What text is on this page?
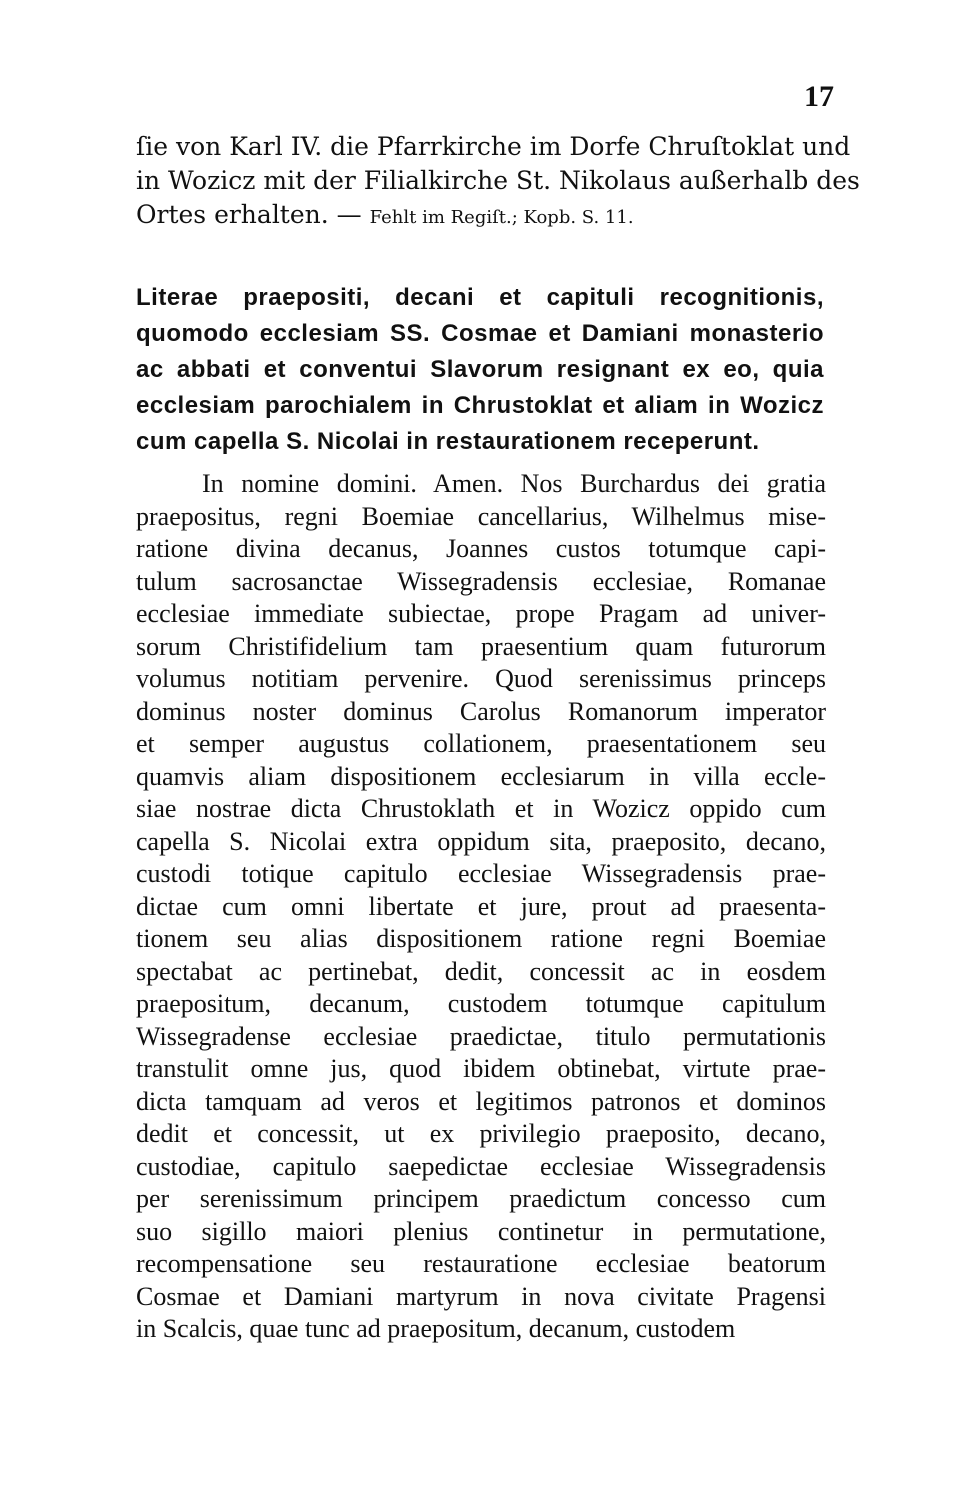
17
ſie von Karl IV. die Pfarrkirche im Dorfe Chruſtoklat und
in Wozicz mit der Filialkirche St. Nikolaus außerhalb des
Ortes erhalten. — Fehlt im Regiſt.; Kopb. S. 11.
Literae praepositi, decani et capituli recognitionis,
quomodo ecclesiam SS. Cosmae et Damiani monasterio
ac abbati et conventui Slavorum resignant ex eo, quia
ecclesiam parochialem in Chrustoklat et aliam in Wozicz
cum capella S. Nicolai in restaurationem receperunt.
In nomine domini. Amen. Nos Burchardus dei gratia
praepositus, regni Boemiae cancellarius, Wilhelmus mise-
ratione divina decanus, Joannes custos totumque capi-
tulum sacrosanctae Wissegradensis ecclesiae, Romanae
ecclesiae immediate subiectae, prope Pragam ad univer-
sorum Christifidelium tam praesentium quam futurorum
volumus notitiam pervenire. Quod serenissimus princeps
dominus noster dominus Carolus Romanorum imperator
et semper augustus collationem, praesentationem seu
quamvis aliam dispositionem ecclesiarum in villa eccle-
siae nostrae dicta Chrustoklath et in Wozicz oppido cum
capella S. Nicolai extra oppidum sita, praeposito, decano,
custodi totique capitulo ecclesiae Wissegradensis prae-
dictae cum omni libertate et jure, prout ad praesenta-
tionem seu alias dispositionem ratione regni Boemiae
spectabat ac pertinebat, dedit, concessit ac in eosdem
praepositum, decanum, custodem totumque capitulum
Wissegradense ecclesiae praedictae, titulo permutationis
transtulit omne jus, quod ibidem obtinebat, virtute prae-
dicta tamquam ad veros et legitimos patronos et dominos
dedit et concessit, ut ex privilegio praeposito, decano,
custodiae, capitulo saepedictae ecclesiae Wissegradensis
per serenissimum principem praedictum concesso cum
suo sigillo maiori plenius continetur in permutatione,
recompensatione seu restauratione ecclesiae beatorum
Cosmae et Damiani martyrum in nova civitate Pragensi
in Scalcis, quae tunc ad praepositum, decanum, custodem
